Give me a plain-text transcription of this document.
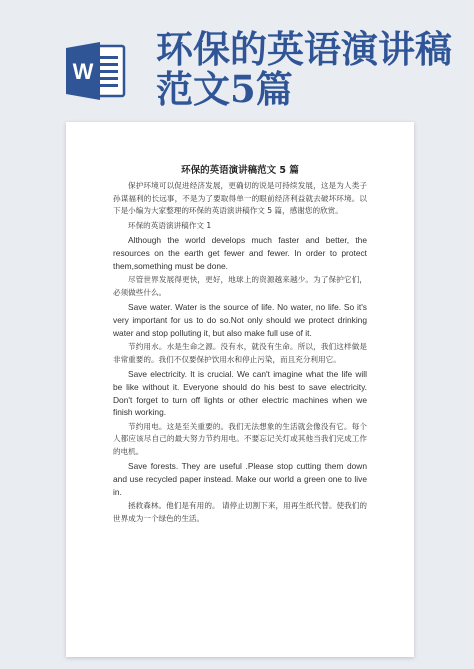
W
环保的英语演讲稿
范文5篇
环保的英语演讲稿范文 5 篇

保护环境可以促进经济发展，更确切的说是可持续发展，这是为人类子孙谋福利的长远事，不是为了要取得单一的眼前经济利益就去破坏环境。以下是小编为大家整理的环保的英语演讲稿作文 5 篇，感谢您的欣赏。

环保的英语演讲稿作文 1

Although the world develops much faster and better, the resources on the earth get fewer and fewer. In order to protect them,something must be done.

尽管世界发展得更快，更好，地球上的资源越来越少。为了保护它们，必须做些什么。

Save water. Water is the source of life. No water, no life. So it's very important for us to do so.Not only should we protect drinking water and stop polluting it, but also make full use of it.

节约用水。水是生命之源。没有水，就没有生命。所以，我们这样做是非常重要的。我们不仅要保护饮用水和停止污染，而且充分利用它。

Save electricity. It is crucial. We can't imagine what the life will be like without it. Everyone should do his best to save electricity. Don't forget to turn off lights or other electric machines when we finish working.

节约用电。这是至关重要的。我们无法想象的生活就会像没有它。每个人都应该尽自己的最大努力节约用电。不要忘记关灯或其他当我们完成工作的电机。

Save forests. They are useful .Please stop cutting them down and use recycled paper instead. Make our world a green one to live in.

拯救森林。他们是有用的。 请停止切割下来，用再生纸代替。使我们的世界成为一个绿色的生活。
